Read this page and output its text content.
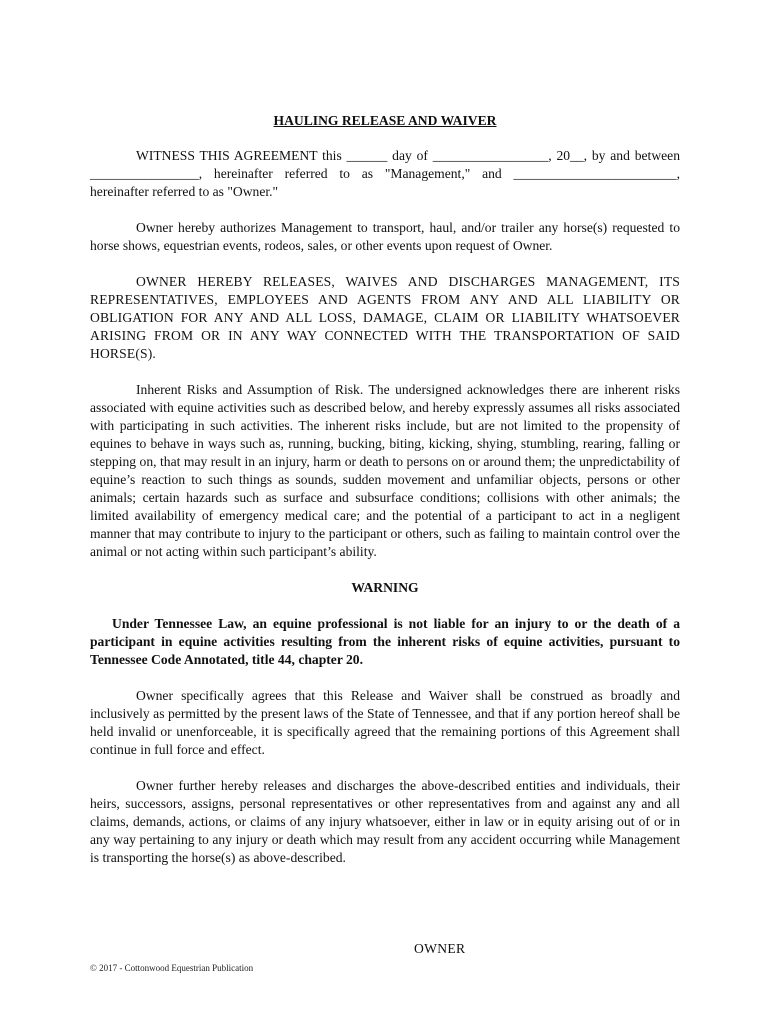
HAULING RELEASE AND WAIVER

WITNESS THIS AGREEMENT this ______ day of _________________, 20__, by and between ________________, hereinafter referred to as "Management," and ________________________, hereinafter referred to as "Owner."

Owner hereby authorizes Management to transport, haul, and/or trailer any horse(s) requested to horse shows, equestrian events, rodeos, sales, or other events upon request of Owner.

OWNER HEREBY RELEASES, WAIVES AND DISCHARGES MANAGEMENT, ITS REPRESENTATIVES, EMPLOYEES AND AGENTS FROM ANY AND ALL LIABILITY OR OBLIGATION FOR ANY AND ALL LOSS, DAMAGE, CLAIM OR LIABILITY WHATSOEVER ARISING FROM OR IN ANY WAY CONNECTED WITH THE TRANSPORTATION OF SAID HORSE(S).

Inherent Risks and Assumption of Risk. The undersigned acknowledges there are inherent risks associated with equine activities such as described below, and hereby expressly assumes all risks associated with participating in such activities. The inherent risks include, but are not limited to the propensity of equines to behave in ways such as, running, bucking, biting, kicking, shying, stumbling, rearing, falling or stepping on, that may result in an injury, harm or death to persons on or around them; the unpredictability of equine’s reaction to such things as sounds, sudden movement and unfamiliar objects, persons or other animals; certain hazards such as surface and subsurface conditions; collisions with other animals; the limited availability of emergency medical care; and the potential of a participant to act in a negligent manner that may contribute to injury to the participant or others, such as failing to maintain control over the animal or not acting within such participant’s ability.

WARNING

Under Tennessee Law, an equine professional is not liable for an injury to or the death of a participant in equine activities resulting from the inherent risks of equine activities, pursuant to Tennessee Code Annotated, title 44, chapter 20.

Owner specifically agrees that this Release and Waiver shall be construed as broadly and inclusively as permitted by the present laws of the State of Tennessee, and that if any portion hereof shall be held invalid or unenforceable, it is specifically agreed that the remaining portions of this Agreement shall continue in full force and effect.

Owner further hereby releases and discharges the above-described entities and individuals, their heirs, successors, assigns, personal representatives or other representatives from and against any and all claims, demands, actions, or claims of any injury whatsoever, either in law or in equity arising out of or in any way pertaining to any injury or death which may result from any accident occurring while Management is transporting the horse(s) as above-described.

OWNER
© 2017 - Cottonwood Equestrian Publication
